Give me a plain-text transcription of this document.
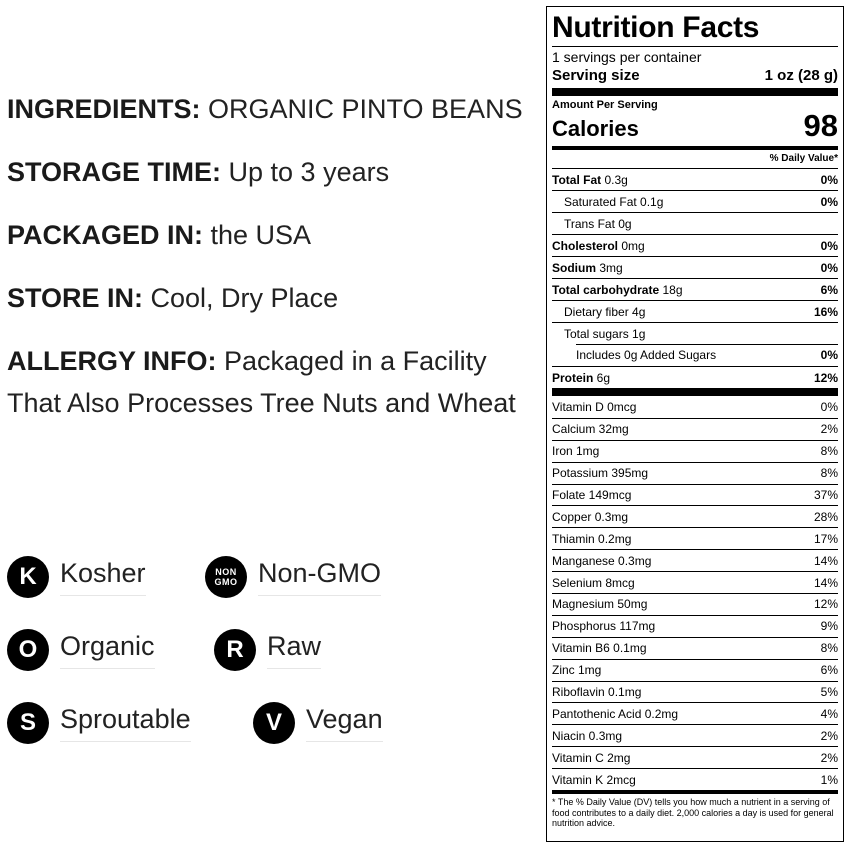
INGREDIENTS: ORGANIC PINTO BEANS
STORAGE TIME: Up to 3 years
PACKAGED IN: the USA
STORE IN: Cool, Dry Place
ALLERGY INFO: Packaged in a Facility That Also Processes Tree Nuts and Wheat
K Kosher	NON GMO Non-GMO
O Organic	R Raw
S Sproutable	V Vegan
Nutrition Facts
1 servings per container
Serving size	1 oz (28 g)
Amount Per Serving
Calories	98
% Daily Value*
Total Fat 0.3g	0%
Saturated Fat 0.1g	0%
Trans Fat 0g
Cholesterol 0mg	0%
Sodium 3mg	0%
Total carbohydrate 18g	6%
Dietary fiber 4g	16%
Total sugars 1g
Includes 0g Added Sugars	0%
Protein 6g	12%
Vitamin D 0mcg	0%
Calcium 32mg	2%
Iron 1mg	8%
Potassium 395mg	8%
Folate 149mcg	37%
Copper 0.3mg	28%
Thiamin 0.2mg	17%
Manganese 0.3mg	14%
Selenium 8mcg	14%
Magnesium 50mg	12%
Phosphorus 117mg	9%
Vitamin B6 0.1mg	8%
Zinc 1mg	6%
Riboflavin 0.1mg	5%
Pantothenic Acid 0.2mg	4%
Niacin 0.3mg	2%
Vitamin C 2mg	2%
Vitamin K 2mcg	1%
* The % Daily Value (DV) tells you how much a nutrient in a serving of food contributes to a daily diet. 2,000 calories a day is used for general nutrition advice.
